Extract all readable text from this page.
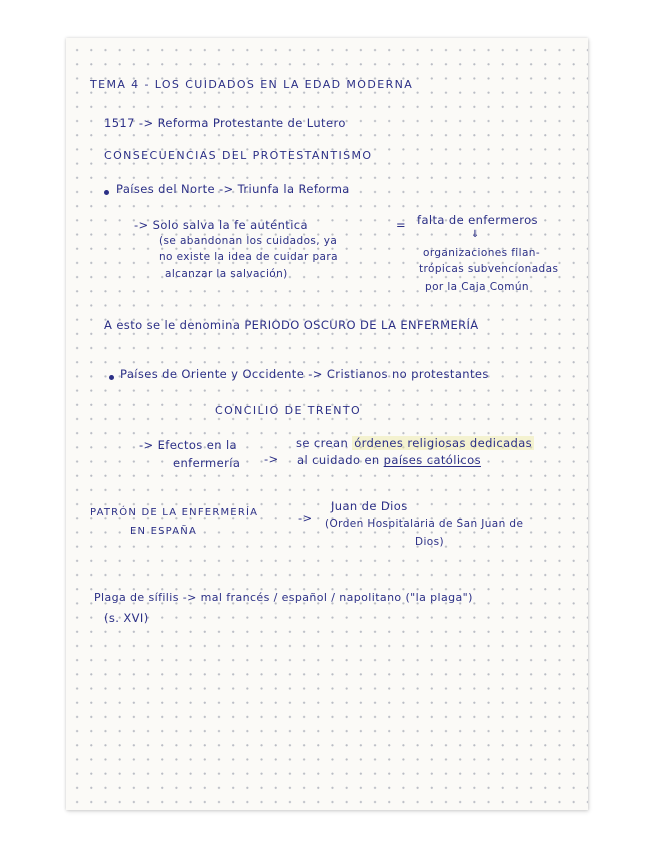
TEMA 4 - LOS CUIDADOS EN LA EDAD MODERNA
1517 -> Reforma Protestante de Lutero
CONSECUENCIAS DEL PROTESTANTISMO
Países del Norte -> Triunfa la Reforma
-> Solo salva la fe auténtica
(se abandonan los cuidados, ya
no existe la idea de cuidar para
alcanzar la salvación)
= falta de enfermeros
⇓
organizaciones filan-
trópicas subvencionadas
por la Caja Común
A esto se le denomina PERIODO OSCURO DE LA ENFERMERÍA
Países de Oriente y Occidente -> Cristianos no protestantes
CONCILIO DE TRENTO
-> Efectos en la
enfermería ->
se crean órdenes religiosas dedicadas
al cuidado en países católicos
PATRÓN DE LA ENFERMERÍA
EN ESPAÑA
->
Juan de Dios
(Orden Hospitalaria de San Juan de
Dios)
Plaga de sífilis -> mal francés / español / napolitano ("la plaga")
(s. XVI)
